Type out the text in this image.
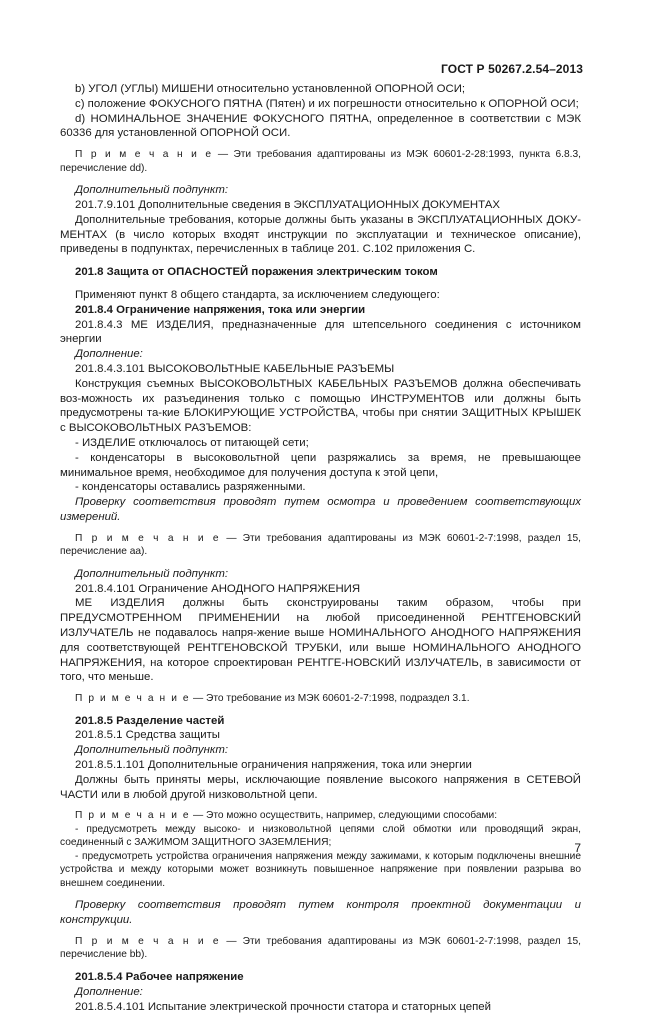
ГОСТ Р 50267.2.54–2013

b) УГОЛ (УГЛЫ) МИШЕНИ относительно установленной ОПОРНОЙ ОСИ;

c) положение ФОКУСНОГО ПЯТНА (Пятен) и их погрешности относительно к ОПОРНОЙ ОСИ;

d) НОМИНАЛЬНОЕ ЗНАЧЕНИЕ ФОКУСНОГО ПЯТНА, определенное в соответствии с МЭК 60336 для установленной ОПОРНОЙ ОСИ.

П р и м е ч а н и е — Эти требования адаптированы из МЭК 60601-2-28:1993, пункта 6.8.3, перечисление dd).

Дополнительный подпункт:

201.7.9.101 Дополнительные сведения в ЭКСПЛУАТАЦИОННЫХ ДОКУМЕНТАХ

Дополнительные требования, которые должны быть указаны в ЭКСПЛУАТАЦИОННЫХ ДОКУ-МЕНТАХ (в число которых входят инструкции по эксплуатации и техническое описание), приведены в подпунктах, перечисленных в таблице 201. С.102 приложения С.

201.8 Защита от ОПАСНОСТЕЙ поражения электрическим током

Применяют пункт 8 общего стандарта, за исключением следующего:

201.8.4 Ограничение напряжения, тока или энергии

201.8.4.3 МЕ ИЗДЕЛИЯ, предназначенные для штепсельного соединения с источником энергии

Дополнение:

201.8.4.3.101 ВЫСОКОВОЛЬТНЫЕ КАБЕЛЬНЫЕ РАЗЪЕМЫ

Конструкция съемных ВЫСОКОВОЛЬТНЫХ КАБЕЛЬНЫХ РАЗЪЕМОВ должна обеспечивать воз-можность их разъединения только с помощью ИНСТРУМЕНТОВ или должны быть предусмотрены та-кие БЛОКИРУЮЩИЕ УСТРОЙСТВА, чтобы при снятии ЗАЩИТНЫХ КРЫШЕК с ВЫСОКОВОЛЬТНЫХ РАЗЪЕМОВ:

- ИЗДЕЛИЕ отключалось от питающей сети;

- конденсаторы в высоковольтной цепи разряжались за время, не превышающее минимальное время, необходимое для получения доступа к этой цепи,

- конденсаторы оставались разряженными.

Проверку соответствия проводят путем осмотра и проведением соответствующих измерений.

П р и м е ч а н и е — Эти требования адаптированы из МЭК 60601-2-7:1998, раздел 15, перечисление аа).

Дополнительный подпункт:

201.8.4.101 Ограничение АНОДНОГО НАПРЯЖЕНИЯ

МЕ ИЗДЕЛИЯ должны быть сконструированы таким образом, чтобы при ПРЕДУСМОТРЕННОМ ПРИМЕНЕНИИ на любой присоединенной РЕНТГЕНОВСКИЙ ИЗЛУЧАТЕЛЬ не подавалось напря-жение выше НОМИНАЛЬНОГО АНОДНОГО НАПРЯЖЕНИЯ для соответствующей РЕНТГЕНОВСКОЙ ТРУБКИ, или выше НОМИНАЛЬНОГО АНОДНОГО НАПРЯЖЕНИЯ, на которое спроектирован РЕНТГЕ-НОВСКИЙ ИЗЛУЧАТЕЛЬ, в зависимости от того, что меньше.

П р и м е ч а н и е — Это требование из МЭК 60601-2-7:1998, подраздел 3.1.

201.8.5 Разделение частей

201.8.5.1 Средства защиты

Дополнительный подпункт:

201.8.5.1.101 Дополнительные ограничения напряжения, тока или энергии

Должны быть приняты меры, исключающие появление высокого напряжения в СЕТЕВОЙ ЧАСТИ или в любой другой низковольтной цепи.

П р и м е ч а н и е — Это можно осуществить, например, следующими способами:

- предусмотреть между высоко- и низковольтной цепями слой обмотки или проводящий экран, соединенный с ЗАЖИМОМ ЗАЩИТНОГО ЗАЗЕМЛЕНИЯ;

- предусмотреть устройства ограничения напряжения между зажимами, к которым подключены внешние устройства и между которыми может возникнуть повышенное напряжение при появлении разрыва во внешнем соединении.

Проверку соответствия проводят путем контроля проектной документации и конструкции.

П р и м е ч а н и е — Эти требования адаптированы из МЭК 60601-2-7:1998, раздел 15, перечисление bb).

201.8.5.4 Рабочее напряжение

Дополнение:

201.8.5.4.101 Испытание электрической прочности статора и статорных цепей

7
